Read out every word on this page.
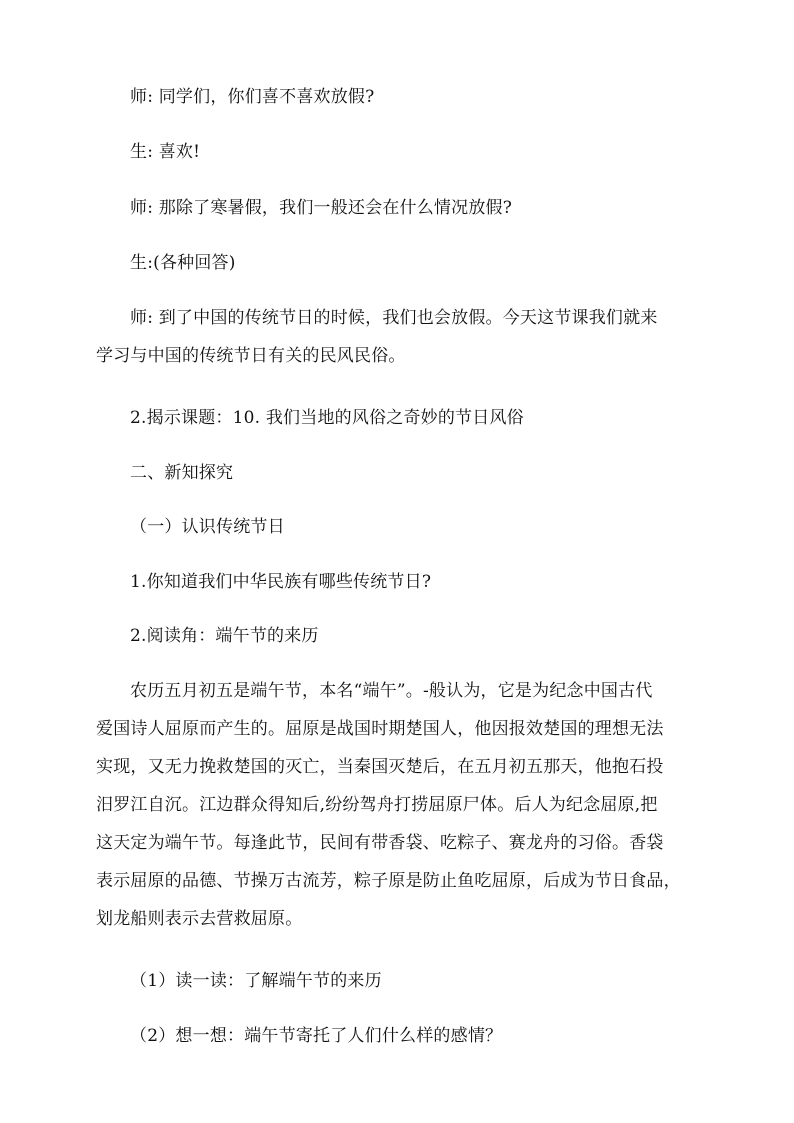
师: 同学们，你们喜不喜欢放假?
生: 喜欢!
师: 那除了寒暑假，我们一般还会在什么情况放假?
生:(各种回答)
师: 到了中国的传统节日的时候，我们也会放假。今天这节课我们就来
学习与中国的传统节日有关的民风民俗。
2.揭示课题：10. 我们当地的风俗之奇妙的节日风俗
二、新知探究
（一）认识传统节日
1.你知道我们中华民族有哪些传统节日?
2.阅读角：端午节的来历
农历五月初五是端午节，本名“端午”。-般认为，它是为纪念中国古代
爱国诗人屈原而产生的。屈原是战国时期楚国人，他因报效楚国的理想无法
实现，又无力挽救楚国的灭亡，当秦国灭楚后，在五月初五那天，他抱石投
汨罗江自沉。江边群众得知后,纷纷驾舟打捞屈原尸体。后人为纪念屈原,把
这天定为端午节。每逢此节，民间有带香袋、吃粽子、赛龙舟的习俗。香袋
表示屈原的品德、节操万古流芳，粽子原是防止鱼吃屈原，后成为节日食品，
划龙船则表示去营救屈原。
（1）读一读：了解端午节的来历
（2）想一想：端午节寄托了人们什么样的感情？
